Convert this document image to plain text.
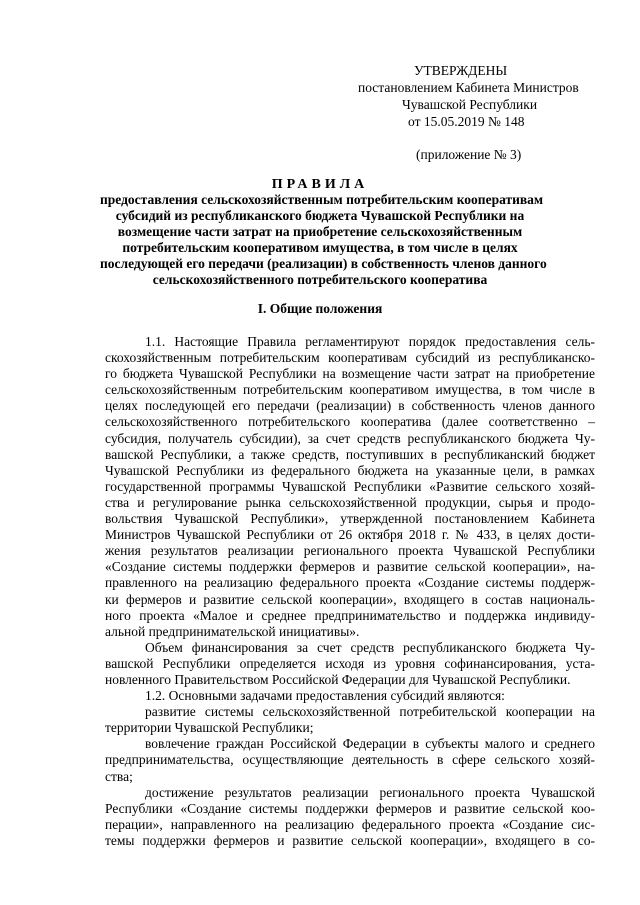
УТВЕРЖДЕНЫ
постановлением Кабинета Министров
Чувашской Республики
от 15.05.2019 № 148
(приложение № 3)
ПРАВИЛА
предоставления сельскохозяйственным потребительским кооперативам
субсидий из республиканского бюджета Чувашской Республики на
возмещение части затрат на приобретение сельскохозяйственным
потребительским кооперативом имущества, в том числе в целях
последующей его передачи (реализации) в собственность членов данного
сельскохозяйственного потребительского кооператива
I. Общие положения
1.1. Настоящие Правила регламентируют порядок предоставления сель-
скохозяйственным потребительским кооперативам субсидий из республиканско-
го бюджета Чувашской Республики на возмещение части затрат на приобретение
сельскохозяйственным потребительским кооперативом имущества, в том числе в
целях последующей его передачи (реализации) в собственность членов данного
сельскохозяйственного потребительского кооператива (далее соответственно –
субсидия, получатель субсидии), за счет средств республиканского бюджета Чу-
вашской Республики, а также средств, поступивших в республиканский бюджет
Чувашской Республики из федерального бюджета на указанные цели, в рамках
государственной программы Чувашской Республики «Развитие сельского хозяй-
ства и регулирование рынка сельскохозяйственной продукции, сырья и продо-
вольствия Чувашской Республики», утвержденной постановлением Кабинета
Министров Чувашской Республики от 26 октября 2018 г. № 433, в целях дости-
жения результатов реализации регионального проекта Чувашской Республики
«Создание системы поддержки фермеров и развитие сельской кооперации», на-
правленного на реализацию федерального проекта «Создание системы поддерж-
ки фермеров и развитие сельской кооперации», входящего в состав националь-
ного проекта «Малое и среднее предпринимательство и поддержка индивиду-
альной предпринимательской инициативы».
Объем финансирования за счет средств республиканского бюджета Чу-
вашской Республики определяется исходя из уровня софинансирования, уста-
новленного Правительством Российской Федерации для Чувашской Республики.
1.2. Основными задачами предоставления субсидий являются:
развитие системы сельскохозяйственной потребительской кооперации на
территории Чувашской Республики;
вовлечение граждан Российской Федерации в субъекты малого и среднего
предпринимательства, осуществляющие деятельность в сфере сельского хозяй-
ства;
достижение результатов реализации регионального проекта Чувашской
Республики «Создание системы поддержки фермеров и развитие сельской коо-
перации», направленного на реализацию федерального проекта «Создание сис-
темы поддержки фермеров и развитие сельской кооперации», входящего в со-
